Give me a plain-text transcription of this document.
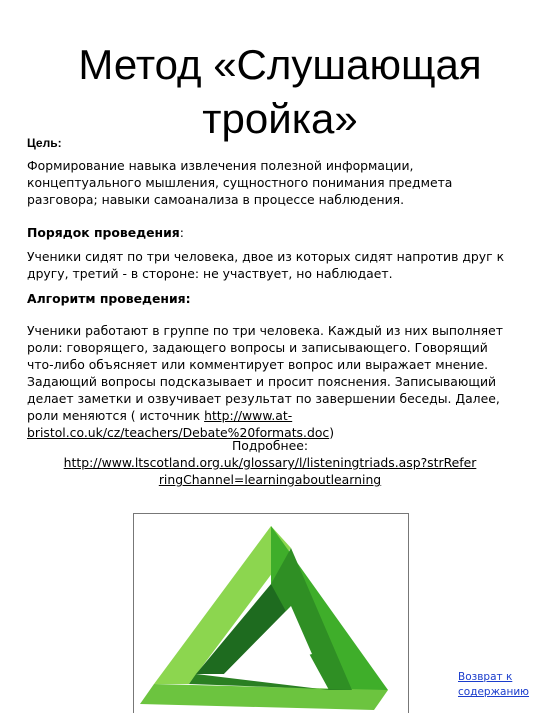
Метод «Слушающая тройка»
Цель:

Формирование навыка извлечения полезной информации, концептуального мышления, сущностного понимания предмета разговора; навыки самоанализа в процессе наблюдения.

Порядок проведения:

Ученики сидят по три человека, двое из которых сидят напротив друг к другу, третий - в стороне: не участвует, но наблюдает.

Алгоритм проведения:

Ученики работают в группе по три человека. Каждый из них выполняет роли: говорящего, задающего вопросы и записывающего. Говорящий что-либо объясняет или комментирует вопрос или выражает мнение. Задающий вопросы подсказывает и просит пояснения. Записывающий делает заметки и озвучивает результат по завершении беседы. Далее, роли меняются ( источник http://www.at-bristol.co.uk/cz/teachers/Debate%20formats.doc)

Подробнее:
http://www.ltscotland.org.uk/glossary/l/listeningtriads.asp?strReferringChannel=learningaboutlearning
Возврат к содержанию
